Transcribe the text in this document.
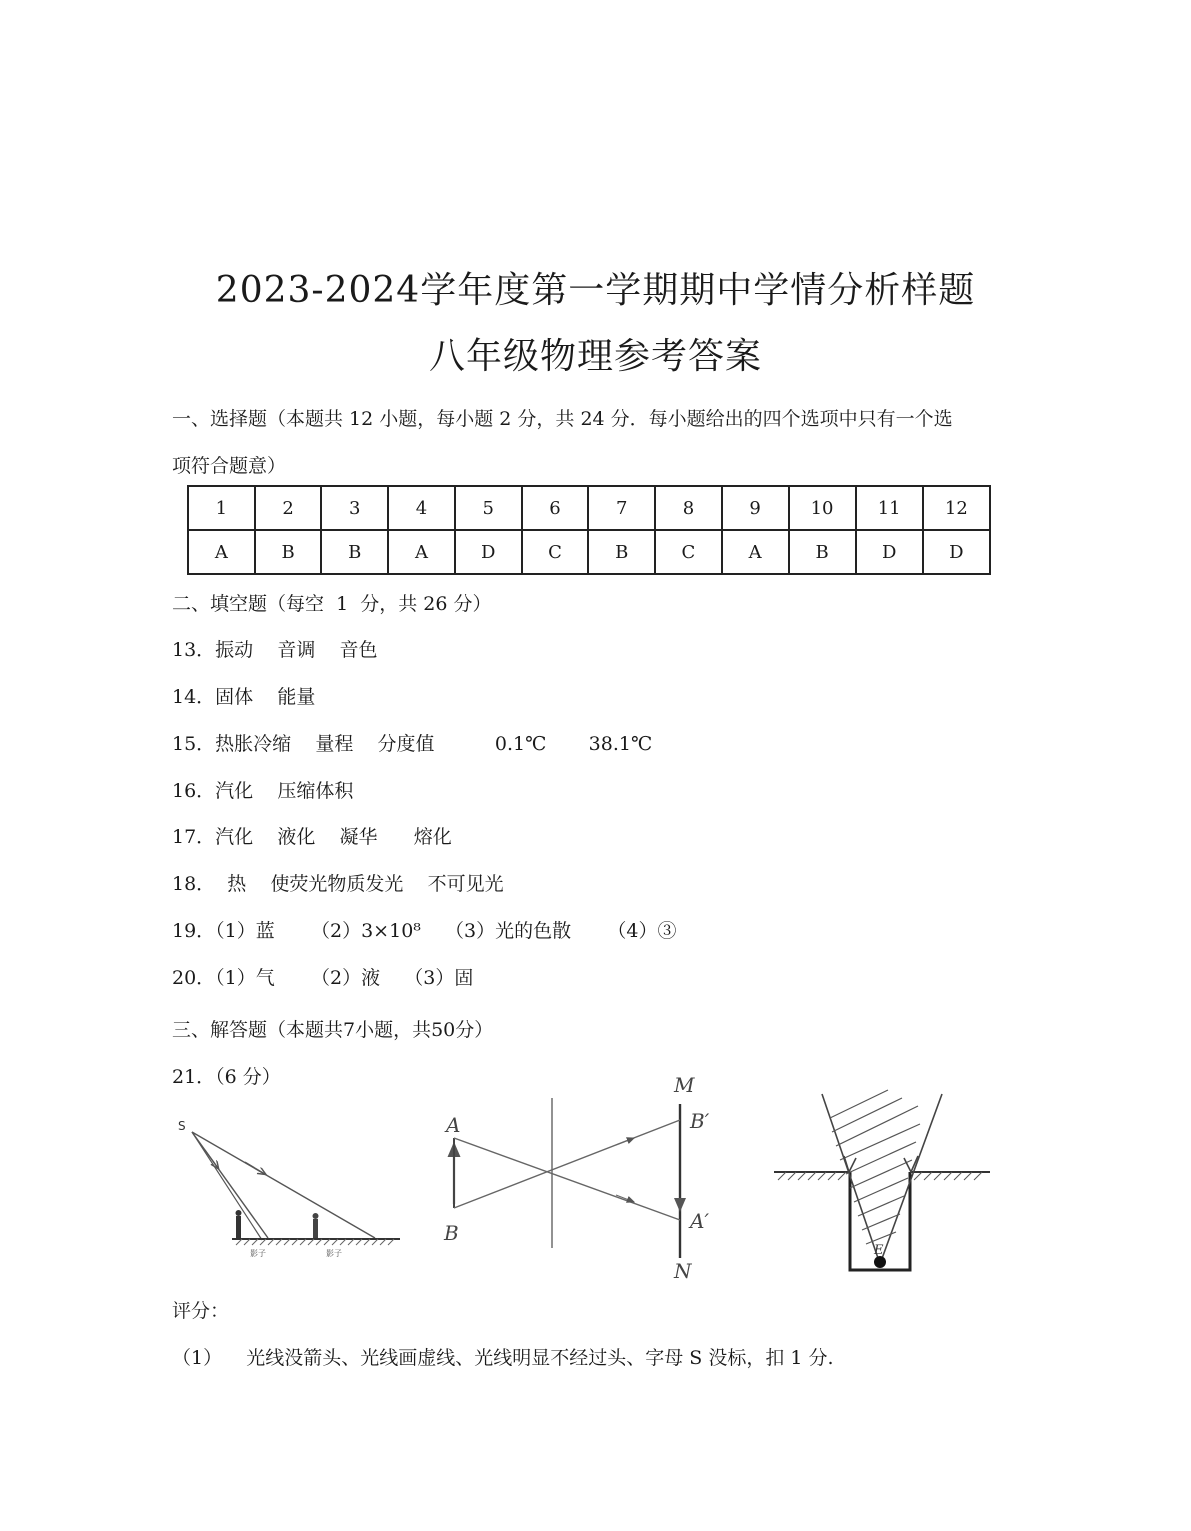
2023-2024学年度第一学期期中学情分析样题
八年级物理参考答案
一、选择题（本题共 12 小题，每小题 2 分，共 24 分．每小题给出的四个选项中只有一个选
项符合题意）
1	2	3	4	5	6	7	8	9	10	11	12
A	B	B	A	D	C	B	C	A	B	D	D
二、填空题（每空  1  分，共 26 分）
13．振动    音调    音色
14．固体    能量
15．热胀冷缩    量程    分度值          0.1℃       38.1℃
16．汽化    压缩体积
17．汽化    液化    凝华      熔化
18．  热    使荧光物质发光    不可见光
19．（1）蓝      （2）3×10⁸    （3）光的色散      （4）③
20．（1）气      （2）液    （3）固
三、解答题（本题共7小题，共50分）
21．（6 分）
S
影子	影子
M
N
A
B
B′
A′
E
评分：
（1）    光线没箭头、光线画虚线、光线明显不经过头、字母 S 没标，扣 1 分.
